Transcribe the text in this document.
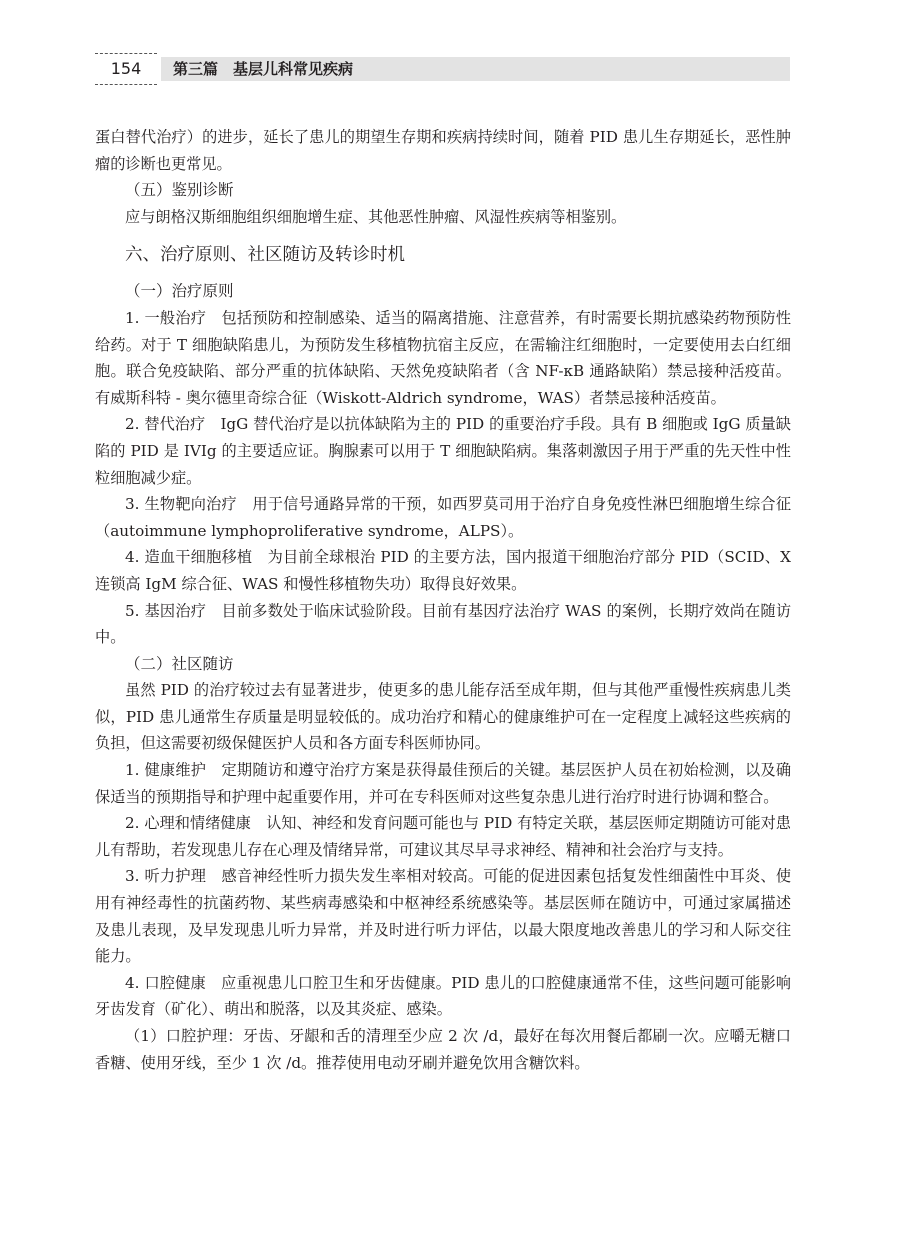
154	第三篇　基层儿科常见疾病

蛋白替代治疗）的进步，延长了患儿的期望生存期和疾病持续时间，随着 PID 患儿生存期延长，恶性肿瘤的诊断也更常见。

（五）鉴别诊断

应与朗格汉斯细胞组织细胞增生症、其他恶性肿瘤、风湿性疾病等相鉴别。

六、治疗原则、社区随访及转诊时机

（一）治疗原则

1. 一般治疗　 包括预防和控制感染、适当的隔离措施、注意营养，有时需要长期抗感染药物预防性给药。对于 T 细胞缺陷患儿，为预防发生移植物抗宿主反应，在需输注红细胞时，一定要使用去白红细胞。联合免疫缺陷、部分严重的抗体缺陷、天然免疫缺陷者（含 NF-κB 通路缺陷）禁忌接种活疫苗。有威斯科特 - 奥尔德里奇综合征（Wiskott-Aldrich syndrome，WAS）者禁忌接种活疫苗。

2. 替代治疗　 IgG 替代治疗是以抗体缺陷为主的 PID 的重要治疗手段。具有 B 细胞或 IgG 质量缺陷的 PID 是 IVIg 的主要适应证。胸腺素可以用于 T 细胞缺陷病。集落刺激因子用于严重的先天性中性粒细胞减少症。

3. 生物靶向治疗　 用于信号通路异常的干预，如西罗莫司用于治疗自身免疫性淋巴细胞增生综合征（autoimmune lymphoproliferative syndrome，ALPS）。

4. 造血干细胞移植　 为目前全球根治 PID 的主要方法，国内报道干细胞治疗部分 PID（SCID、X 连锁高 IgM 综合征、WAS 和慢性移植物失功）取得良好效果。

5. 基因治疗　 目前多数处于临床试验阶段。目前有基因疗法治疗 WAS 的案例，长期疗效尚在随访中。

（二）社区随访

虽然 PID 的治疗较过去有显著进步，使更多的患儿能存活至成年期，但与其他严重慢性疾病患儿类似，PID 患儿通常生存质量是明显较低的。成功治疗和精心的健康维护可在一定程度上减轻这些疾病的负担，但这需要初级保健医护人员和各方面专科医师协同。

1. 健康维护　 定期随访和遵守治疗方案是获得最佳预后的关键。基层医护人员在初始检测，以及确保适当的预期指导和护理中起重要作用，并可在专科医师对这些复杂患儿进行治疗时进行协调和整合。

2. 心理和情绪健康　 认知、神经和发育问题可能也与 PID 有特定关联，基层医师定期随访可能对患儿有帮助，若发现患儿存在心理及情绪异常，可建议其尽早寻求神经、精神和社会治疗与支持。

3. 听力护理　 感音神经性听力损失发生率相对较高。可能的促进因素包括复发性细菌性中耳炎、使用有神经毒性的抗菌药物、某些病毒感染和中枢神经系统感染等。基层医师在随访中，可通过家属描述及患儿表现，及早发现患儿听力异常，并及时进行听力评估，以最大限度地改善患儿的学习和人际交往能力。

4. 口腔健康　 应重视患儿口腔卫生和牙齿健康。PID 患儿的口腔健康通常不佳，这些问题可能影响牙齿发育（矿化）、萌出和脱落，以及其炎症、感染。

（1）口腔护理：牙齿、牙龈和舌的清理至少应 2 次 /d，最好在每次用餐后都刷一次。应嚼无糖口香糖、使用牙线，至少 1 次 /d。推荐使用电动牙刷并避免饮用含糖饮料。
